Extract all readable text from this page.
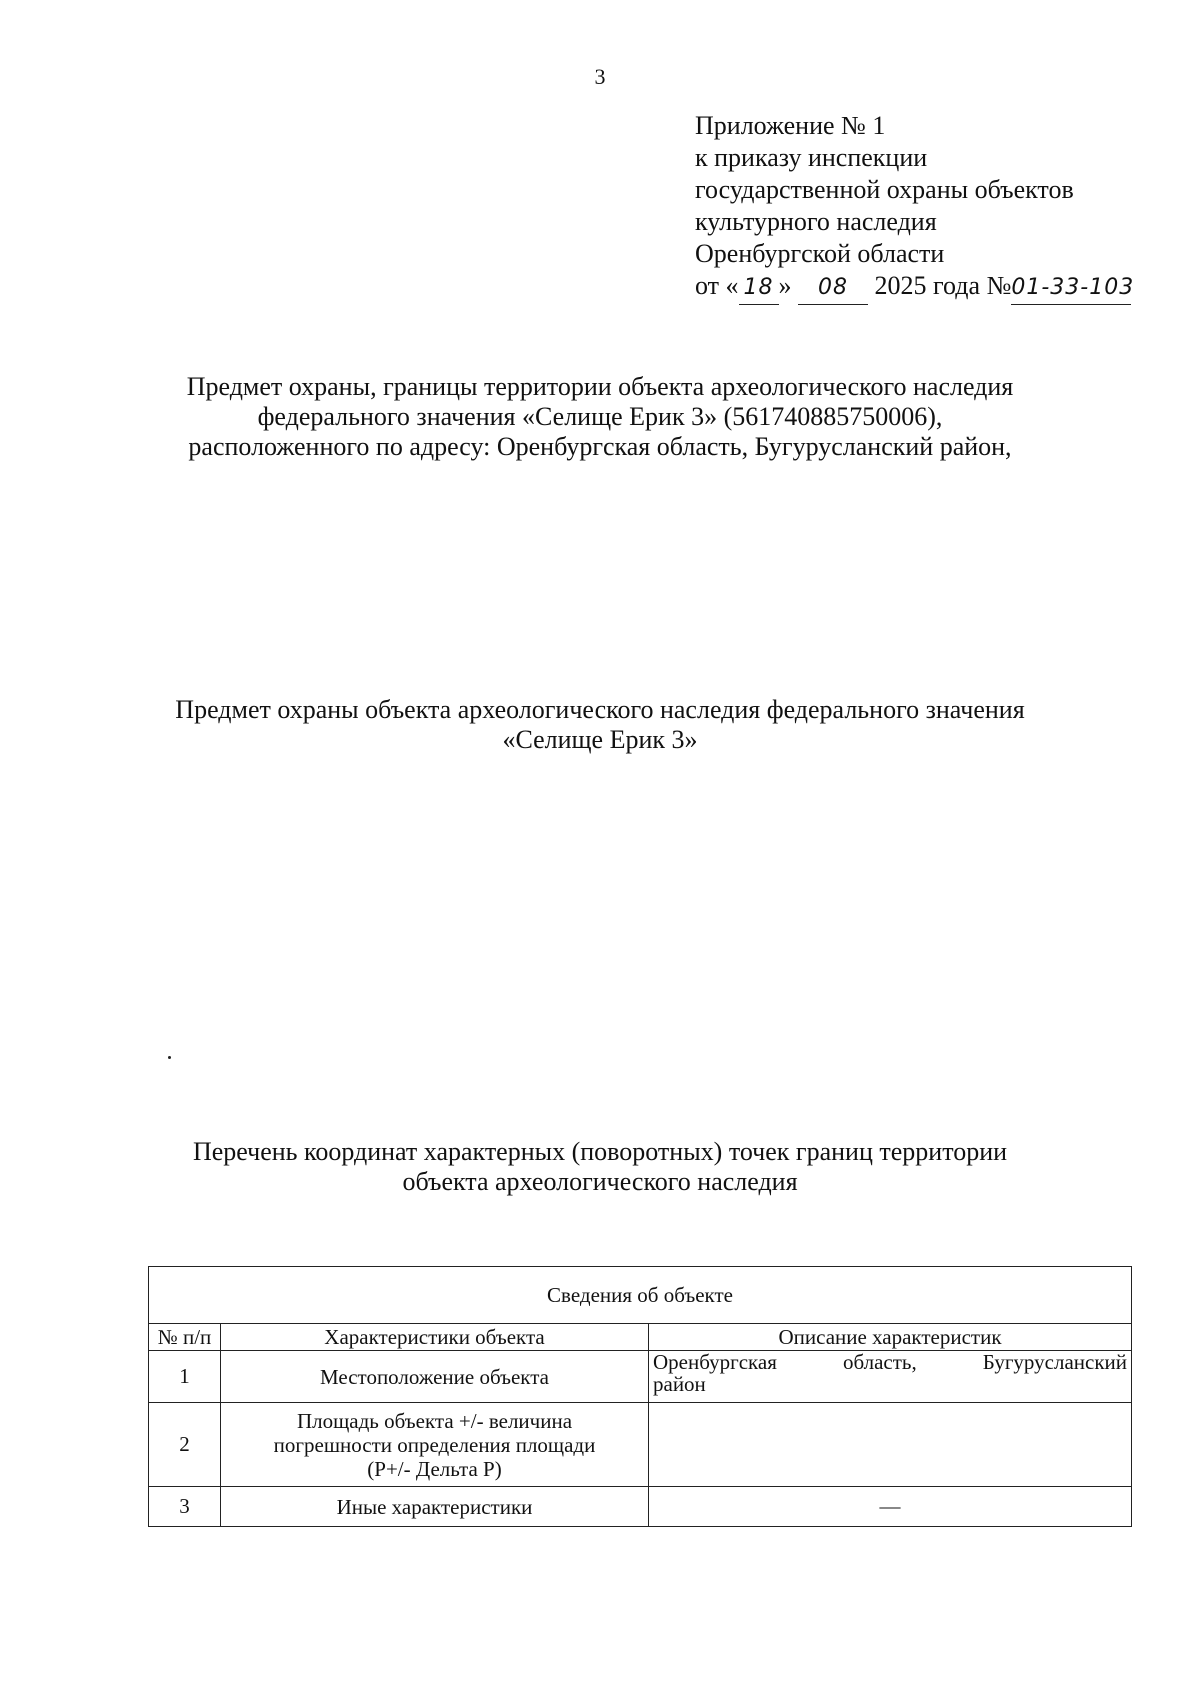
3
Приложение № 1
к приказу инспекции
государственной охраны объектов
культурного наследия
Оренбургской области
от « 18 » 08 2025 года №01-33-103
Предмет охраны, границы территории объекта археологического наследия
федерального значения «Селище Ерик 3» (561740885750006),
расположенного по адресу: Оренбургская область, Бугурусланский район,
Предмет охраны объекта археологического наследия федерального значения
«Селище Ерик 3»
Перечень координат характерных (поворотных) точек границ территории
объекта археологического наследия
Сведения об объекте		
№ п/п	Характеристики объекта	Описание характеристик
1	Местоположение объекта	Оренбургская область, Бугурусланский
район

2	Площадь объекта +/- величина
погрешности определения площади
(Р+/- Дельта Р)	

3	Иные характеристики	—
